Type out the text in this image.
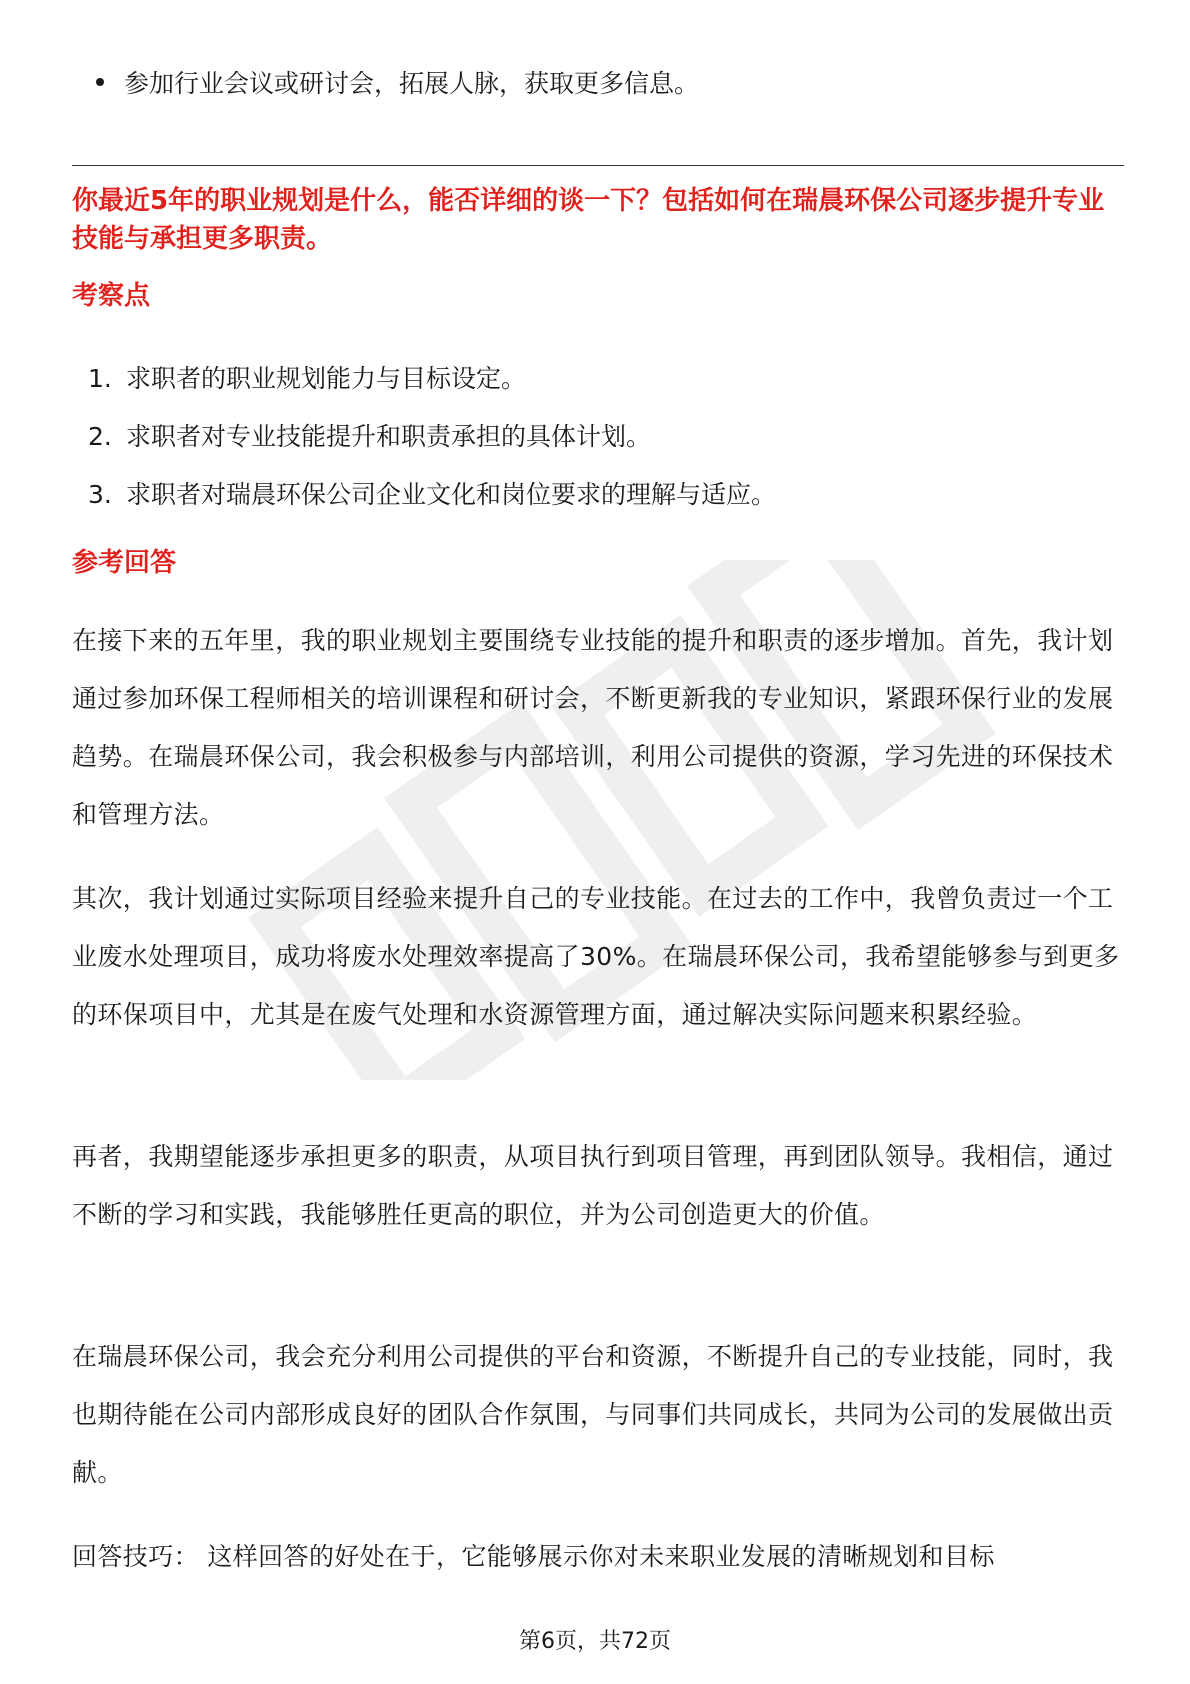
参加行业会议或研讨会，拓展人脉，获取更多信息。

你最近5年的职业规划是什么，能否详细的谈一下？包括如何在瑞晨环保公司逐步提升专业技能与承担更多职责。

考察点
1. 求职者的职业规划能力与目标设定。
2. 求职者对专业技能提升和职责承担的具体计划。
3. 求职者对瑞晨环保公司企业文化和岗位要求的理解与适应。
参考回答

在接下来的五年里，我的职业规划主要围绕专业技能的提升和职责的逐步增加。首先，我计划通过参加环保工程师相关的培训课程和研讨会，不断更新我的专业知识，紧跟环保行业的发展趋势。在瑞晨环保公司，我会积极参与内部培训，利用公司提供的资源，学习先进的环保技术和管理方法。

其次，我计划通过实际项目经验来提升自己的专业技能。在过去的工作中，我曾负责过一个工业废水处理项目，成功将废水处理效率提高了30%。在瑞晨环保公司，我希望能够参与到更多的环保项目中，尤其是在废气处理和水资源管理方面，通过解决实际问题来积累经验。

再者，我期望能逐步承担更多的职责，从项目执行到项目管理，再到团队领导。我相信，通过不断的学习和实践，我能够胜任更高的职位，并为公司创造更大的价值。

在瑞晨环保公司，我会充分利用公司提供的平台和资源，不断提升自己的专业技能，同时，我也期待能在公司内部形成良好的团队合作氛围，与同事们共同成长，共同为公司的发展做出贡献。

回答技巧： 这样回答的好处在于，它能够展示你对未来职业发展的清晰规划和目标

第6页，共72页
